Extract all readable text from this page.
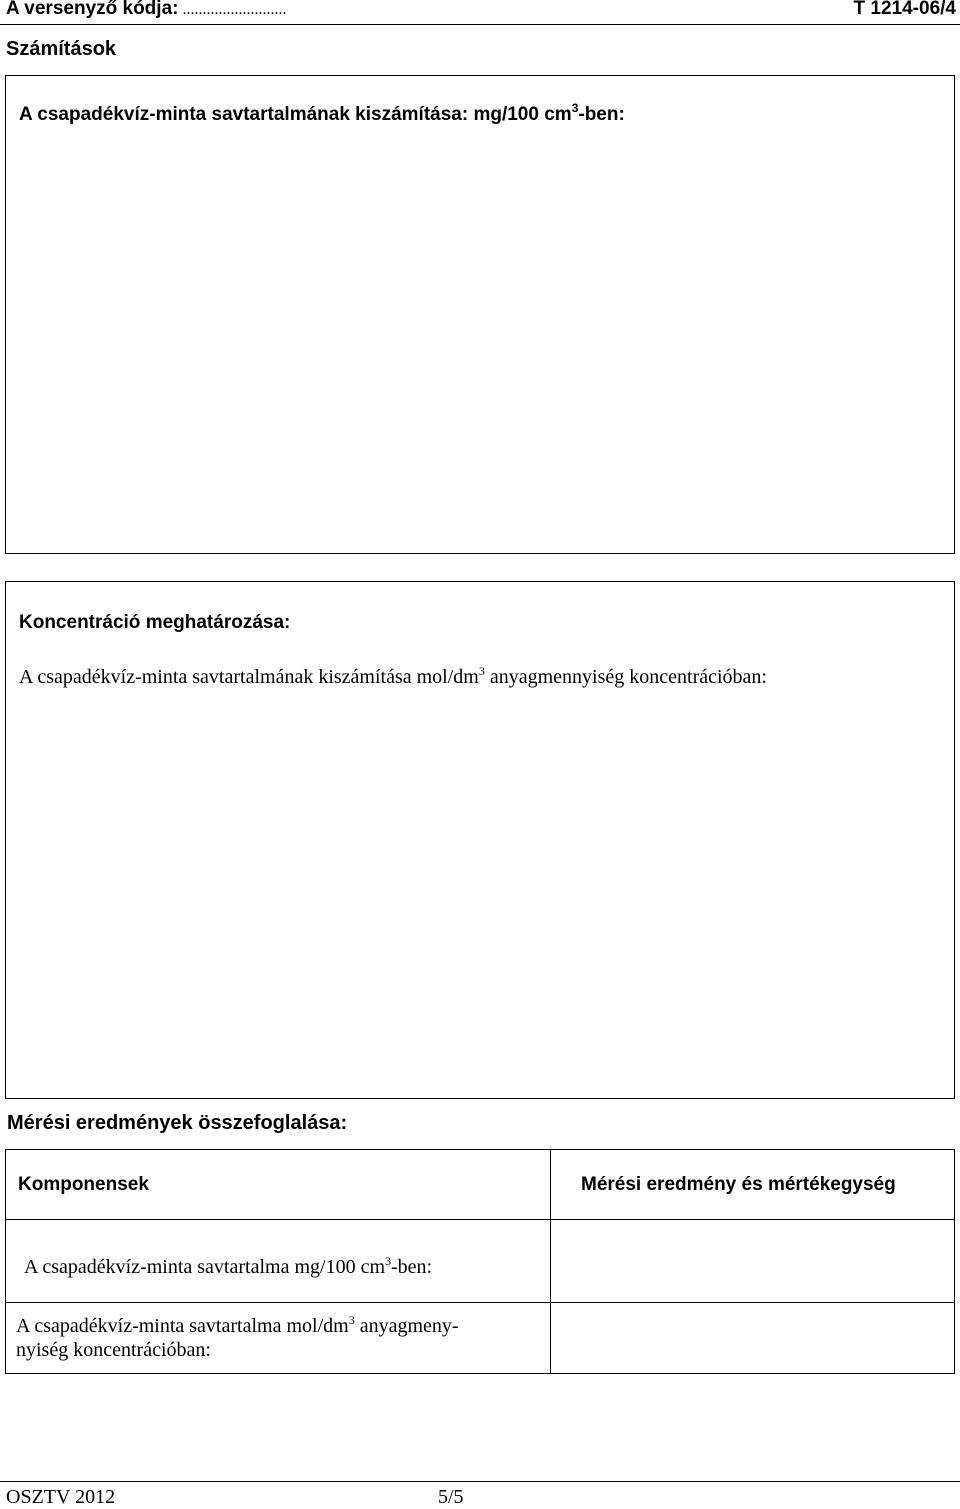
A versenyző kódja: ..........................	T 1214-06/4
Számítások
A csapadékvíz-minta savtartalmának kiszámítása: mg/100 $cm^3$-ben:
Koncentráció meghatározása:
A csapadékvíz-minta savtartalmának kiszámítása mol/$dm^3$ anyagmennyiség koncentrációban:
Mérési eredmények összefoglalása:
Komponensek	Mérési eredmény és mértékegység
A csapadékvíz-minta savtartalma mg/100 $cm^3$-ben:	
A csapadékvíz-minta savtartalma mol/$dm^3$ anyagmeny-
nyiség koncentrációban:	
OSZTV 2012	5/5
